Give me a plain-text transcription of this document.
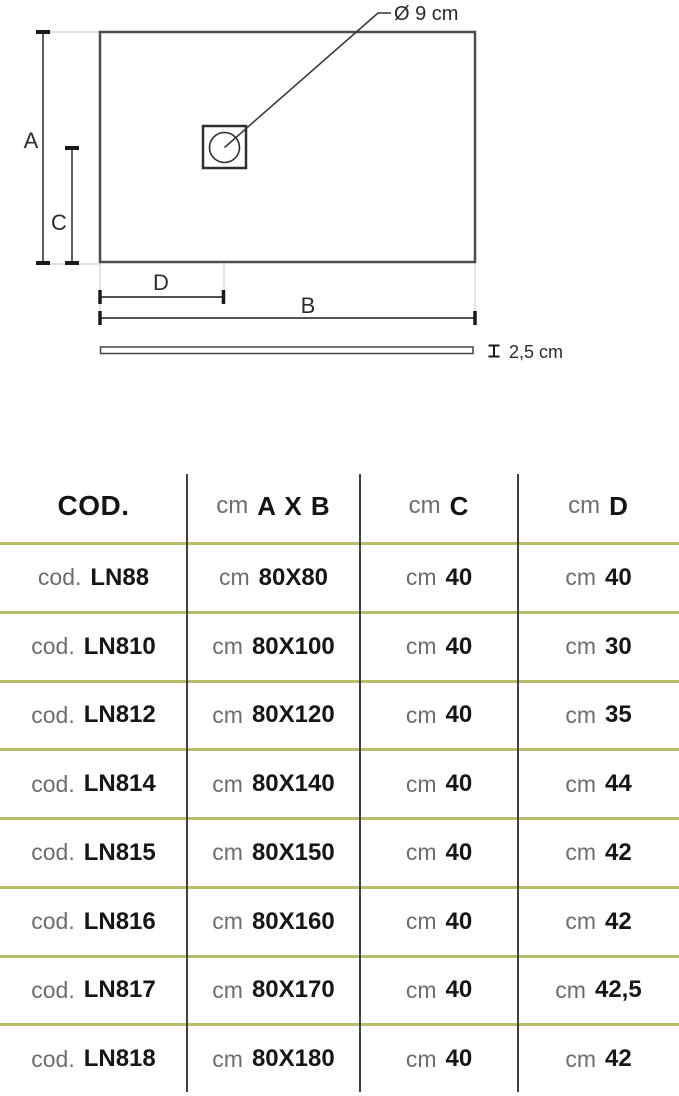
Ø 9 cm
A
C
D
B
2,5 cm
COD.	cm A X B	cm C	cm D
cod. LN88	cm 80X80	cm 40	cm 40
cod. LN810 cm 80X100	cm 40	cm 30
cod. LN812 cm 80X120	cm 40	cm 35
cod. LN814 cm 80X140	cm 40	cm 44
cod. LN815 cm 80X150	cm 40	cm 42
cod. LN816 cm 80X160	cm 40	cm 42
cod. LN817 cm 80X170	cm 40	cm 42,5
cod. LN818 cm 80X180	cm 40	cm 42
